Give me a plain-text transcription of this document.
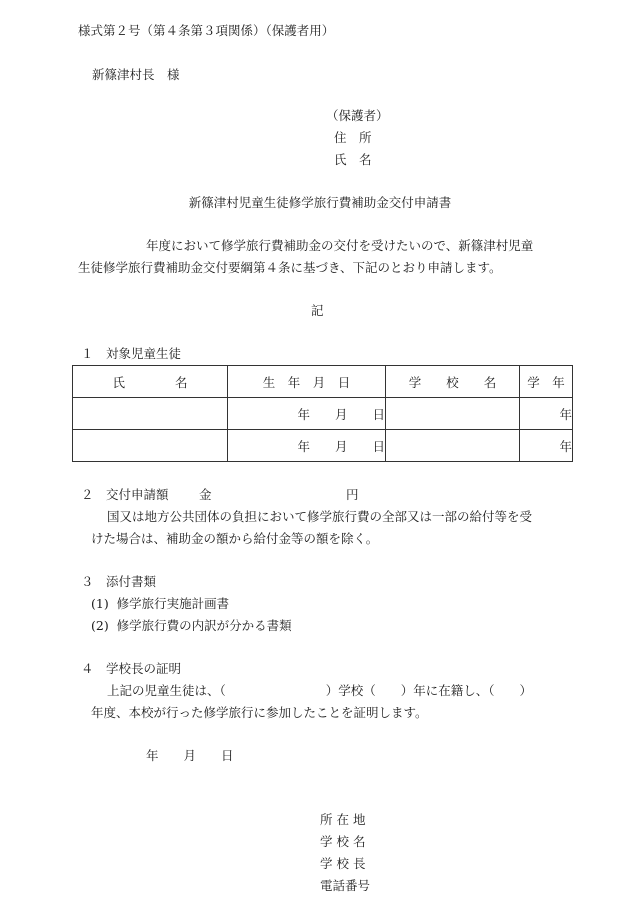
様式第２号（第４条第３項関係）（保護者用）
新篠津村長　様
（保護者）
住　所
氏　名
新篠津村児童生徒修学旅行費補助金交付申請書
年度において修学旅行費補助金の交付を受けたいので、新篠津村児童
生徒修学旅行費補助金交付要綱第４条に基づき、下記のとおり申請します。
記
１　対象児童生徒
氏　　　　名	生　年　月　日	学　　校　　名	学　年
	年　　月　　日		年
	年　　月　　日		年
２　交付申請額 金	円
国又は地方公共団体の負担において修学旅行費の全部又は一部の給付等を受
けた場合は、補助金の額から給付金等の額を除く。
３　添付書類
(1)  修学旅行実施計画書
(2)  修学旅行費の内訳が分かる書類
４　学校長の証明
上記の児童生徒は、（　　　　　　　　）学校（　　）年に在籍し、（　　）
年度、本校が行った修学旅行に参加したことを証明します。
年　　月　　日
所 在 地
学 校 名
学 校 長
電話番号
